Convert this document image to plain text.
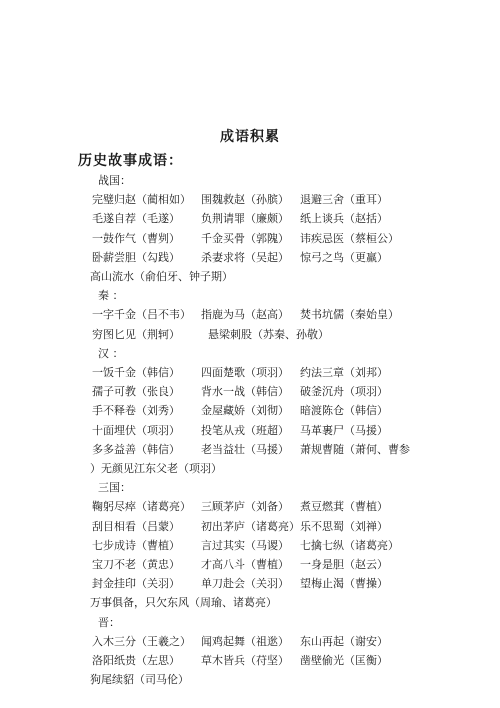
成语积累
历史故事成语：
战国：
完璧归赵（蔺相如） 围魏救赵（孙膑） 退避三舍（重耳）
毛遂自荐（毛遂） 负荆请罪（廉颇） 纸上谈兵（赵括）
一鼓作气（曹刿） 千金买骨（郭隗） 讳疾忌医（蔡桓公）
卧薪尝胆（勾践） 杀妻求将（吴起） 惊弓之鸟（更羸）
高山流水（俞伯牙、钟子期）
秦 ：
一字千金（吕不韦） 指鹿为马（赵高） 焚书坑儒（秦始皇）
穷图匕见（荆轲）	悬梁刺股（苏秦、孙敬）
汉 ：
一饭千金（韩信） 四面楚歌（项羽） 约法三章（刘邦）
孺子可教（张良） 背水一战（韩信） 破釜沉舟（项羽）
手不释卷（刘秀） 金屋藏娇（刘彻） 暗渡陈仓（韩信）
十面埋伏（项羽） 投笔从戎（班超） 马革裹尸（马援）
多多益善（韩信） 老当益壮（马援） 萧规曹随（萧何、曹参
）无颜见江东父老（项羽）
三国：
鞠躬尽瘁（诸葛亮） 三顾茅庐（刘备） 煮豆燃萁（曹植）
刮目相看（吕蒙） 初出茅庐（诸葛亮） 乐不思蜀（刘禅）
七步成诗（曹植） 言过其实（马谡） 七擒七纵（诸葛亮）
宝刀不老（黄忠） 才高八斗（曹植） 一身是胆（赵云）
封金挂印（关羽） 单刀赴会（关羽） 望梅止渴（曹操）
万事俱备，只欠东风（周瑜、诸葛亮）
晋：
入木三分（王羲之） 闻鸡起舞（祖逖） 东山再起（谢安）
洛阳纸贵（左思） 草木皆兵（苻坚） 凿壁偷光（匡衡）
狗尾续貂（司马伦）
